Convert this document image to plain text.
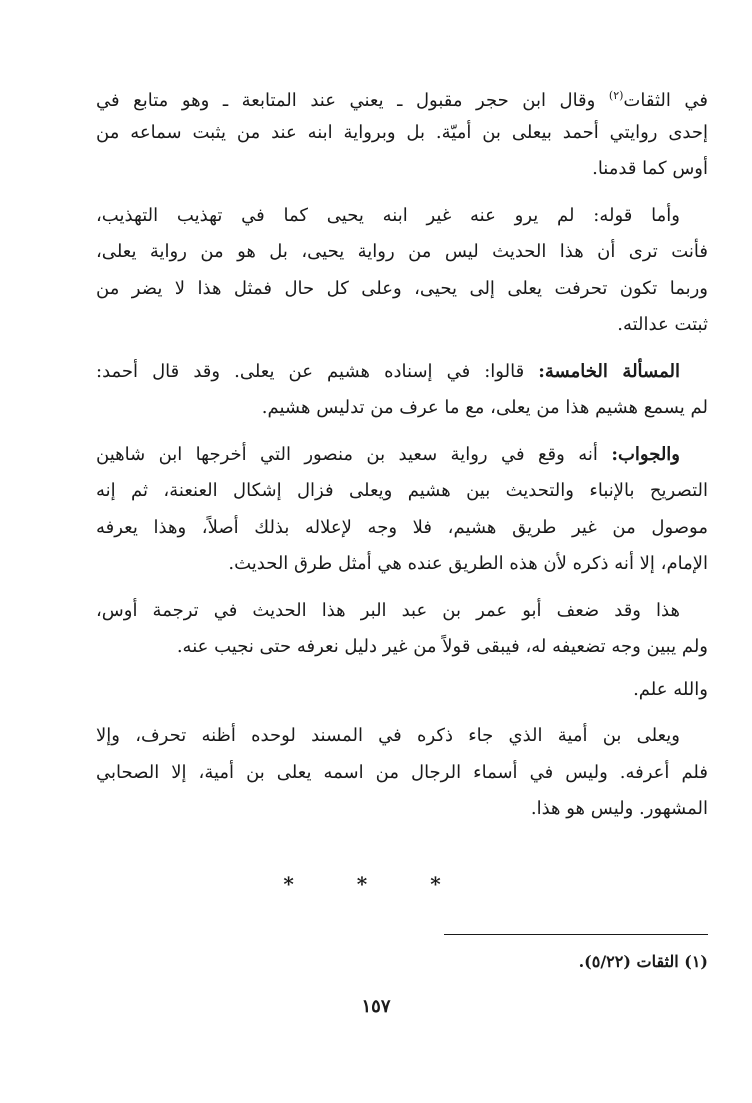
في الثقات$^{(٢)}$ وقال ابن حجر مقبول ـ يعني عند المتابعة ـ وهو متابع في
إحدى روايتي أحمد بيعلى بن أميّة. بل وبرواية ابنه عند من يثبت سماعه من
أوس كما قدمنا.
وأما قوله: لم يرو عنه غير ابنه يحيى كما في تهذيب التهذيب،
فأنت ترى أن هذا الحديث ليس من رواية يحيى، بل هو من رواية يعلى،
وربما تكون تحرفت يعلى إلى يحيى، وعلى كل حال فمثل هذا لا يضر من
ثبتت عدالته.
المسألة الخامسة: قالوا: في إسناده هشيم عن يعلى. وقد قال أحمد:
لم يسمع هشيم هذا من يعلى، مع ما عرف من تدليس هشيم.
والجواب: أنه وقع في رواية سعيد بن منصور التي أخرجها ابن شاهين
التصريح بالإنباء والتحديث بين هشيم ويعلى فزال إشكال العنعنة، ثم إنه
موصول من غير طريق هشيم، فلا وجه لإعلاله بذلك أصلاً، وهذا يعرفه
الإمام، إلا أنه ذكره لأن هذه الطريق عنده هي أمثل طرق الحديث.
هذا وقد ضعف أبو عمر بن عبد البر هذا الحديث في ترجمة أوس،
ولم يبين وجه تضعيفه له، فيبقى قولاً من غير دليل نعرفه حتى نجيب عنه.
والله علم.
ويعلى بن أمية الذي جاء ذكره في المسند لوحده أظنه تحرف، وإلا
فلم أعرفه. وليس في أسماء الرجال من اسمه يعلى بن أمية، إلا الصحابي
المشهور. وليس هو هذا.
* * *
(١) الثقات (٥/٢٢).
١٥٧
